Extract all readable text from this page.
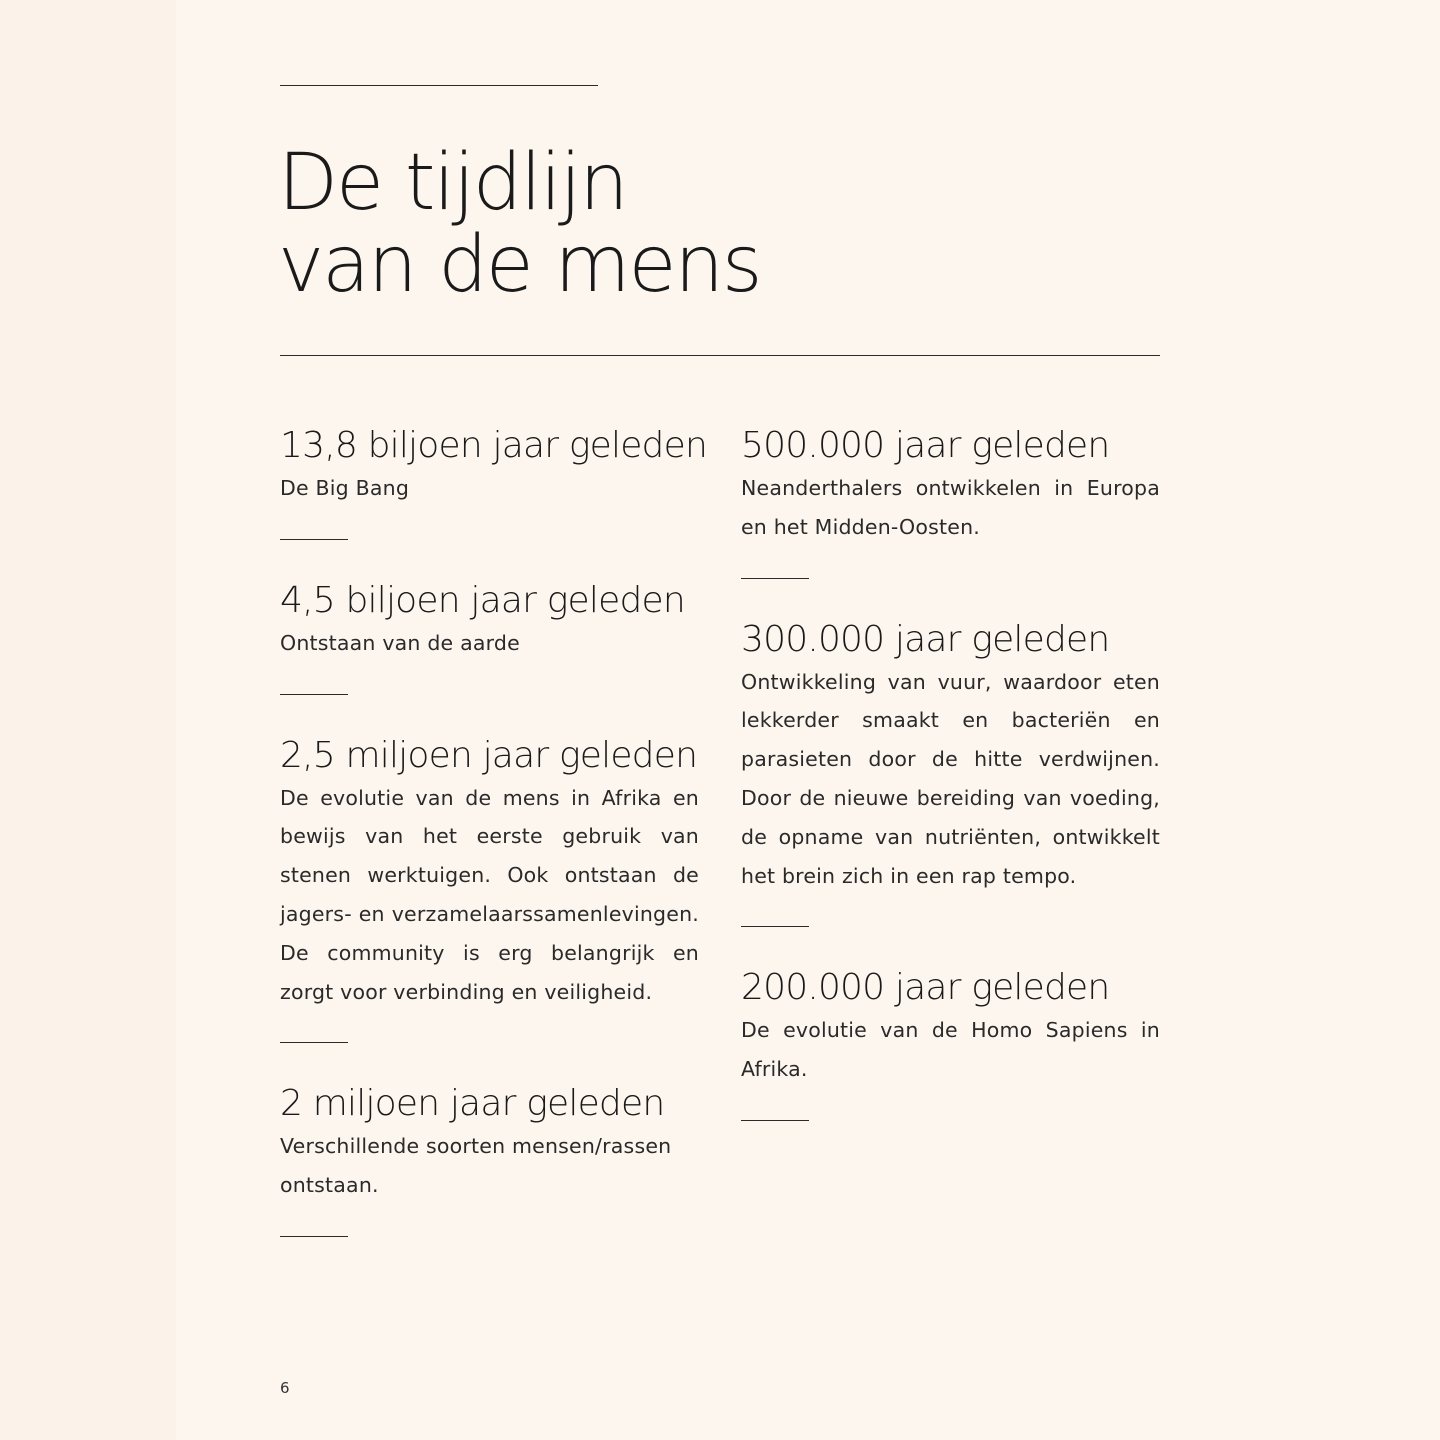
De tijdlijn
van de mens
13,8 biljoen jaar geleden

De Big Bang

4,5 biljoen jaar geleden

Ontstaan van de aarde

2,5 miljoen jaar geleden

De evolutie van de mens in Afrika en bewijs van het eerste gebruik van stenen werktuigen. Ook ontstaan de jagers- en verzamelaarssamenlevingen. De community is erg belangrijk en zorgt voor verbinding en veiligheid.

2 miljoen jaar geleden

Verschillende soorten mensen/rassen ontstaan.

500.000 jaar geleden

Neanderthalers ontwikkelen in Europa en het Midden-Oosten.

300.000 jaar geleden

Ontwikkeling van vuur, waardoor eten lekkerder smaakt en bacteriën en parasieten door de hitte verdwijnen. Door de nieuwe bereiding van voeding, de opname van nutriënten, ontwikkelt het brein zich in een rap tempo.

200.000 jaar geleden

De evolutie van de Homo Sapiens in Afrika.

6
